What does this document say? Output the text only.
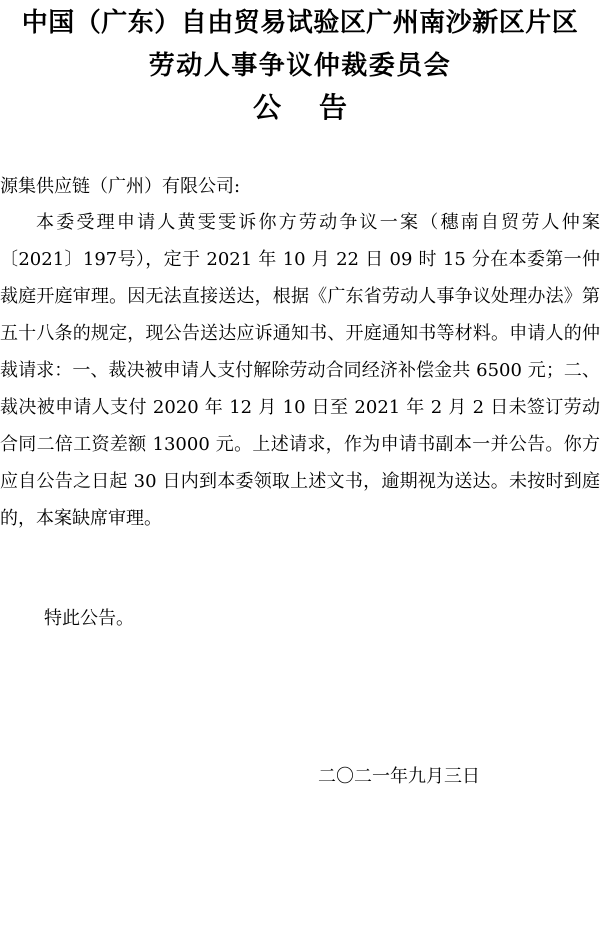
中国（广东）自由贸易试验区广州南沙新区片区
劳动人事争议仲裁委员会
公告
源集供应链（广州）有限公司:

本委受理申请人黄雯雯诉你方劳动争议一案（穗南自贸劳人仲案〔2021〕197号），定于 2021 年 10 月 22 日 09 时 15 分在本委第一仲裁庭开庭审理。因无法直接送达，根据《广东省劳动人事争议处理办法》第五十八条的规定，现公告送达应诉通知书、开庭通知书等材料。申请人的仲裁请求：一、裁决被申请人支付解除劳动合同经济补偿金共 6500 元；二、裁决被申请人支付 2020 年 12 月 10 日至 2021 年 2 月 2 日未签订劳动合同二倍工资差额 13000 元。上述请求，作为申请书副本一并公告。你方应自公告之日起 30 日内到本委领取上述文书，逾期视为送达。未按时到庭的，本案缺席审理。

特此公告。
二〇二一年九月三日
